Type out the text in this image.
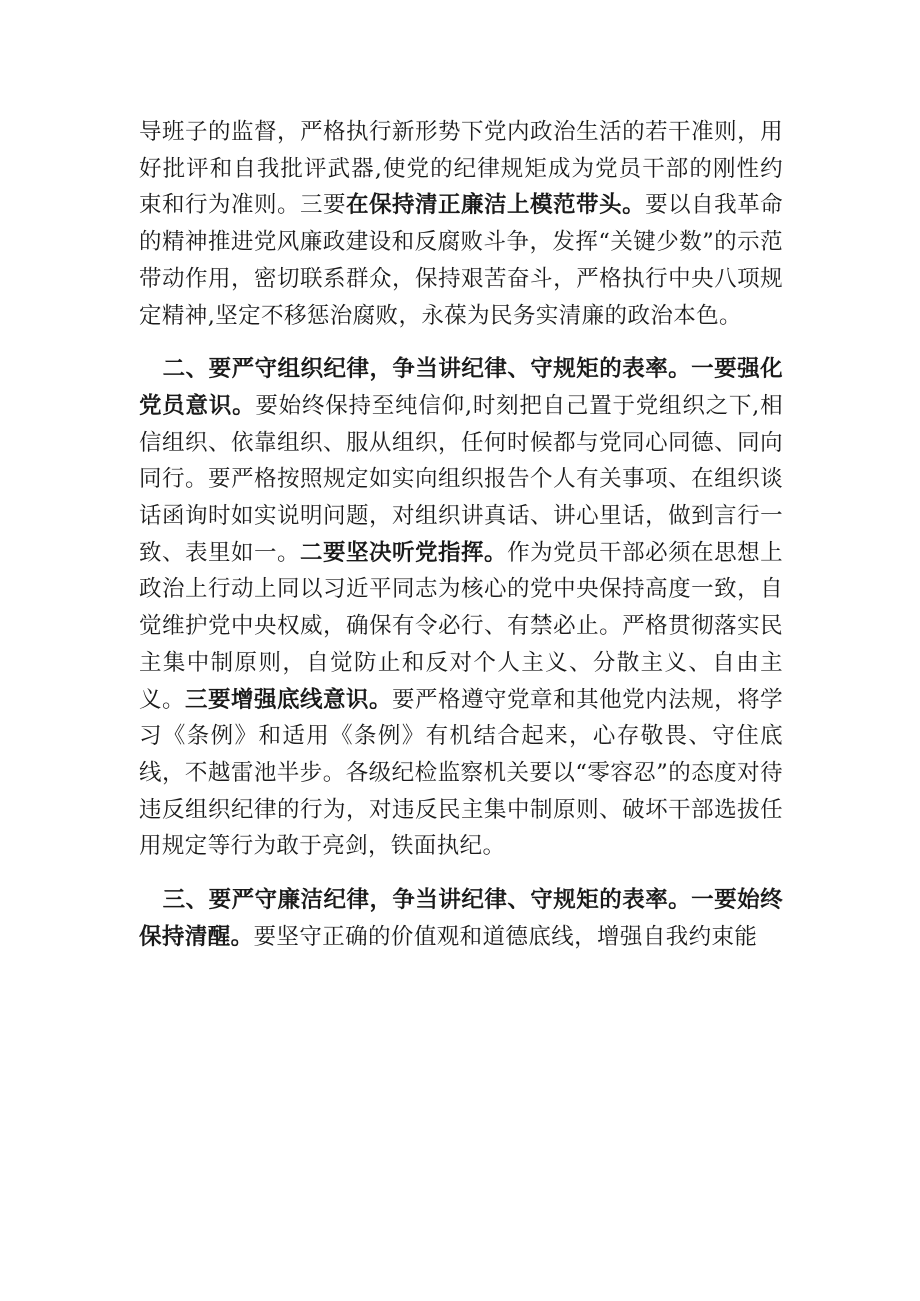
导班子的监督，严格执行新形势下党内政治生活的若干准则，用好批评和自我批评武器,使党的纪律规矩成为党员干部的刚性约束和行为准则。三要在保持清正廉洁上模范带头。要以自我革命的精神推进党风廉政建设和反腐败斗争，发挥“关键少数”的示范带动作用，密切联系群众，保持艰苦奋斗，严格执行中央八项规定精神,坚定不移惩治腐败，永葆为民务实清廉的政治本色。

二、要严守组织纪律，争当讲纪律、守规矩的表率。一要强化党员意识。要始终保持至纯信仰,时刻把自己置于党组织之下,相信组织、依靠组织、服从组织，任何时候都与党同心同德、同向同行。要严格按照规定如实向组织报告个人有关事项、在组织谈话函询时如实说明问题，对组织讲真话、讲心里话，做到言行一致、表里如一。二要坚决听党指挥。作为党员干部必须在思想上政治上行动上同以习近平同志为核心的党中央保持高度一致，自觉维护党中央权威，确保有令必行、有禁必止。严格贯彻落实民主集中制原则，自觉防止和反对个人主义、分散主义、自由主义。三要增强底线意识。要严格遵守党章和其他党内法规，将学习《条例》和适用《条例》有机结合起来，心存敬畏、守住底线，不越雷池半步。各级纪检监察机关要以“零容忍”的态度对待违反组织纪律的行为，对违反民主集中制原则、破坏干部选拔任用规定等行为敢于亮剑，铁面执纪。

三、要严守廉洁纪律，争当讲纪律、守规矩的表率。一要始终保持清醒。要坚守正确的价值观和道德底线，增强自我约束能
